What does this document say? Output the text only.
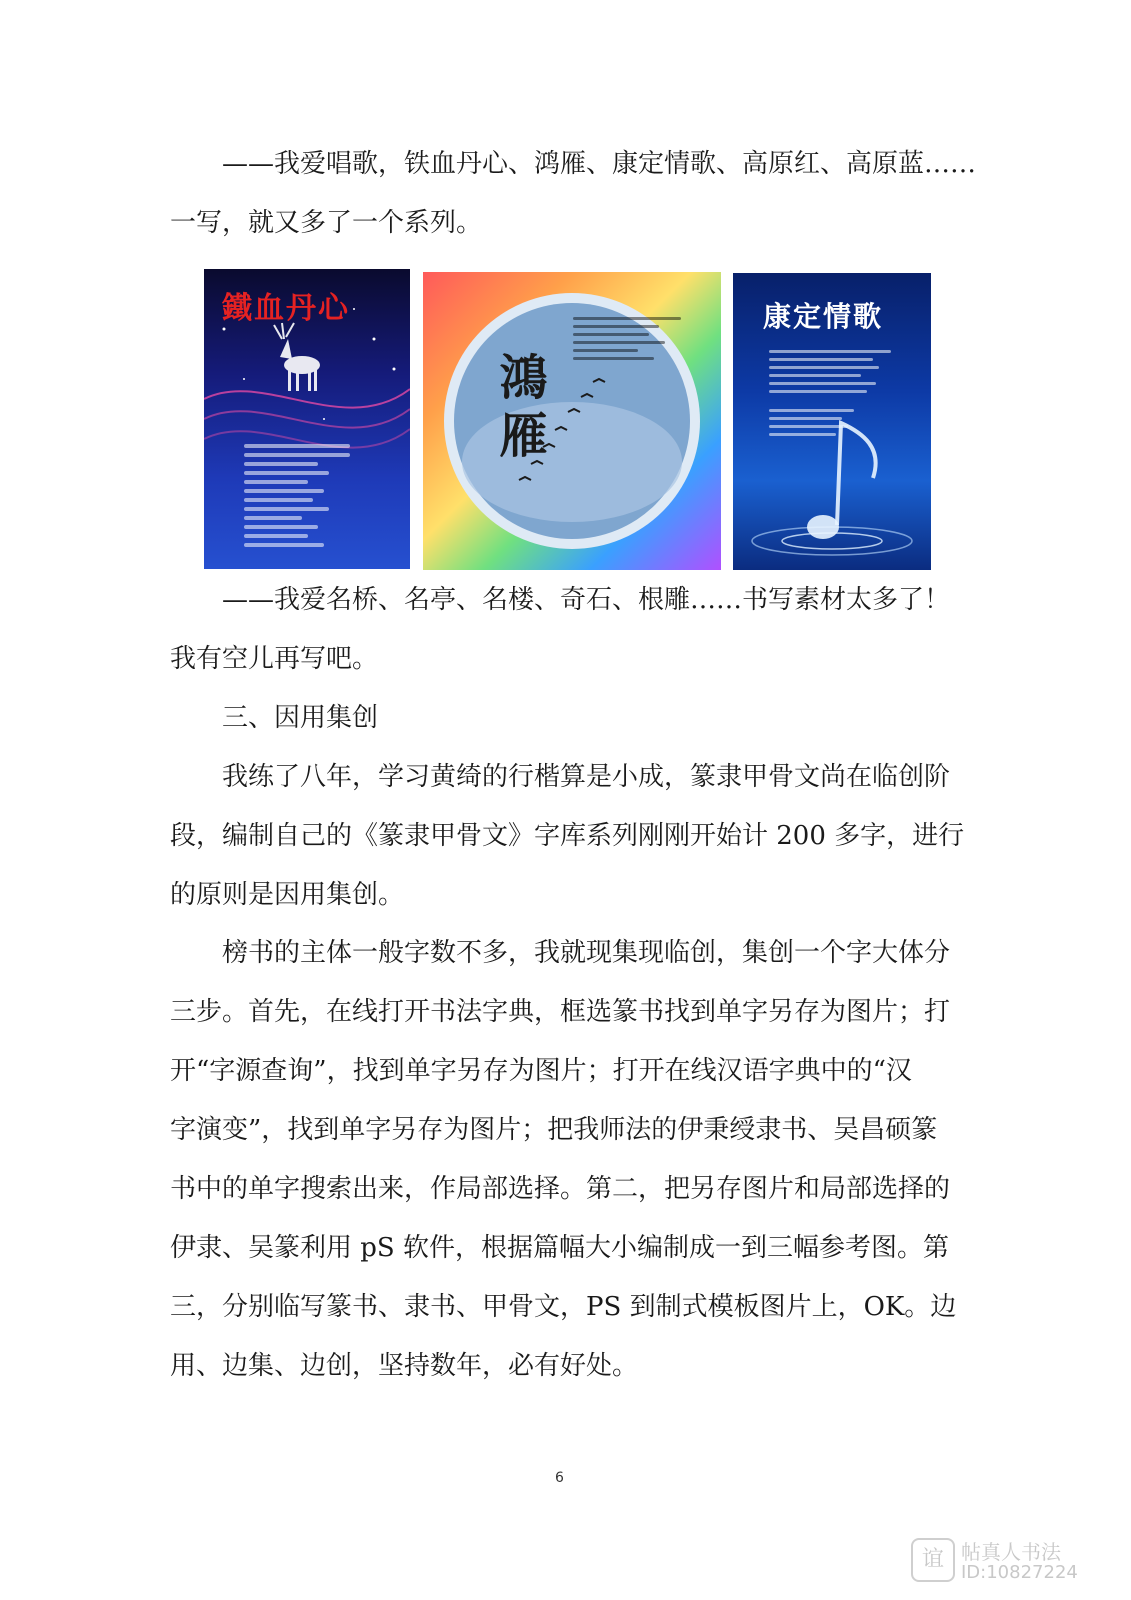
——我爱唱歌，铁血丹心、鸿雁、康定情歌、高原红、高原蓝……
一写，就又多了一个系列。
鐵血丹心
鴻雁
康定情歌
——我爱名桥、名亭、名楼、奇石、根雕……书写素材太多了！
我有空儿再写吧。
三、因用集创
我练了八年，学习黄绮的行楷算是小成，篆隶甲骨文尚在临创阶
段，编制自己的《篆隶甲骨文》字库系列刚刚开始计 200 多字，进行
的原则是因用集创。
榜书的主体一般字数不多，我就现集现临创，集创一个字大体分
三步。首先，在线打开书法字典，框选篆书找到单字另存为图片；打
开“字源查询”，找到单字另存为图片；打开在线汉语字典中的“汉
字演变”，找到单字另存为图片；把我师法的伊秉绶隶书、吴昌硕篆
书中的单字搜索出来，作局部选择。第二，把另存图片和局部选择的
伊隶、吴篆利用 pS 软件，根据篇幅大小编制成一到三幅参考图。第
三，分别临写篆书、隶书、甲骨文，PS 到制式模板图片上，OK。边
用、边集、边创，坚持数年，必有好处。
6
谊 帖真人书法
ID:10827224
